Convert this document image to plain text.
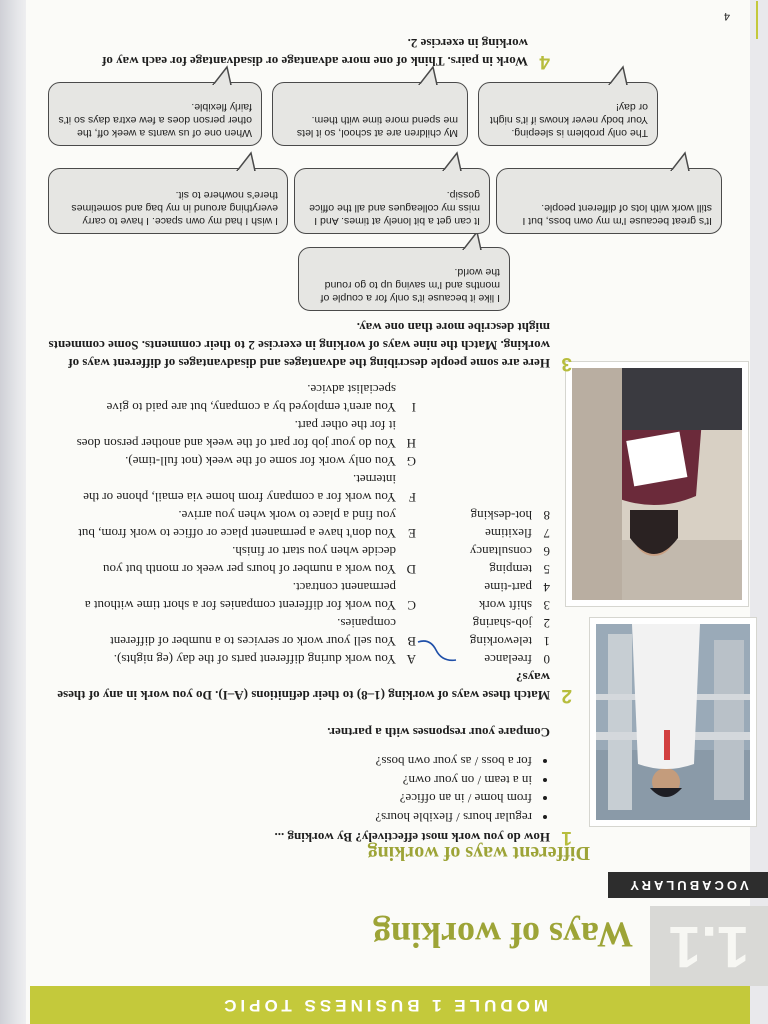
MODULE 1 BUSINESS TOPIC
1.1
Ways of working
VOCABULARY
Different ways of working
1
How do you work most effectively? By working ...
• regular hours / flexible hours?
• from home / in an office?
• in a team / on your own?
• for a boss / as your own boss?
Compare your responses with a partner.
2
Match these ways of working (1–8) to their definitions (A–I). Do you work in any of these ways?
0freelance
1teleworking
2job-sharing
3shift work
4part-time
5temping
6consultancy
7flexitime
8hot-desking
A
You work during different parts of the day (eg nights).
B
You sell your work or services to a number of different companies.
C
You work for different companies for a short time without a permanent contract.
D
You work a number of hours per week or month but you decide when you start or finish.
E
You don't have a permanent place or office to work from, but you find a place to work when you arrive.
F
You work for a company from home via email, phone or the internet.
G
You only work for some of the week (not full-time).
H
You do your job for part of the week and another person does it for the other part.
I
You aren't employed by a company, but are paid to give specialist advice.
3
Here are some people describing the advantages and disadvantages of different ways of working. Match the nine ways of working in exercise 2 to their comments. Some comments might describe more than one way.
I like it because it's only for a couple of months and I'm saving up to go round the world.
It's great because I'm my own boss, but I still work with lots of different people.
It can get a bit lonely at times. And I miss my colleagues and all the office gossip.
I wish I had my own space. I have to carry everything around in my bag and sometimes there's nowhere to sit.
The only problem is sleeping. Your body never knows if it's night or day!
My children are at school, so it lets me spend more time with them.
When one of us wants a week off, the other person does a few extra days so it's fairly flexible.
4
Work in pairs. Think of one more advantage or disadvantage for each way of working in exercise 2.
4
